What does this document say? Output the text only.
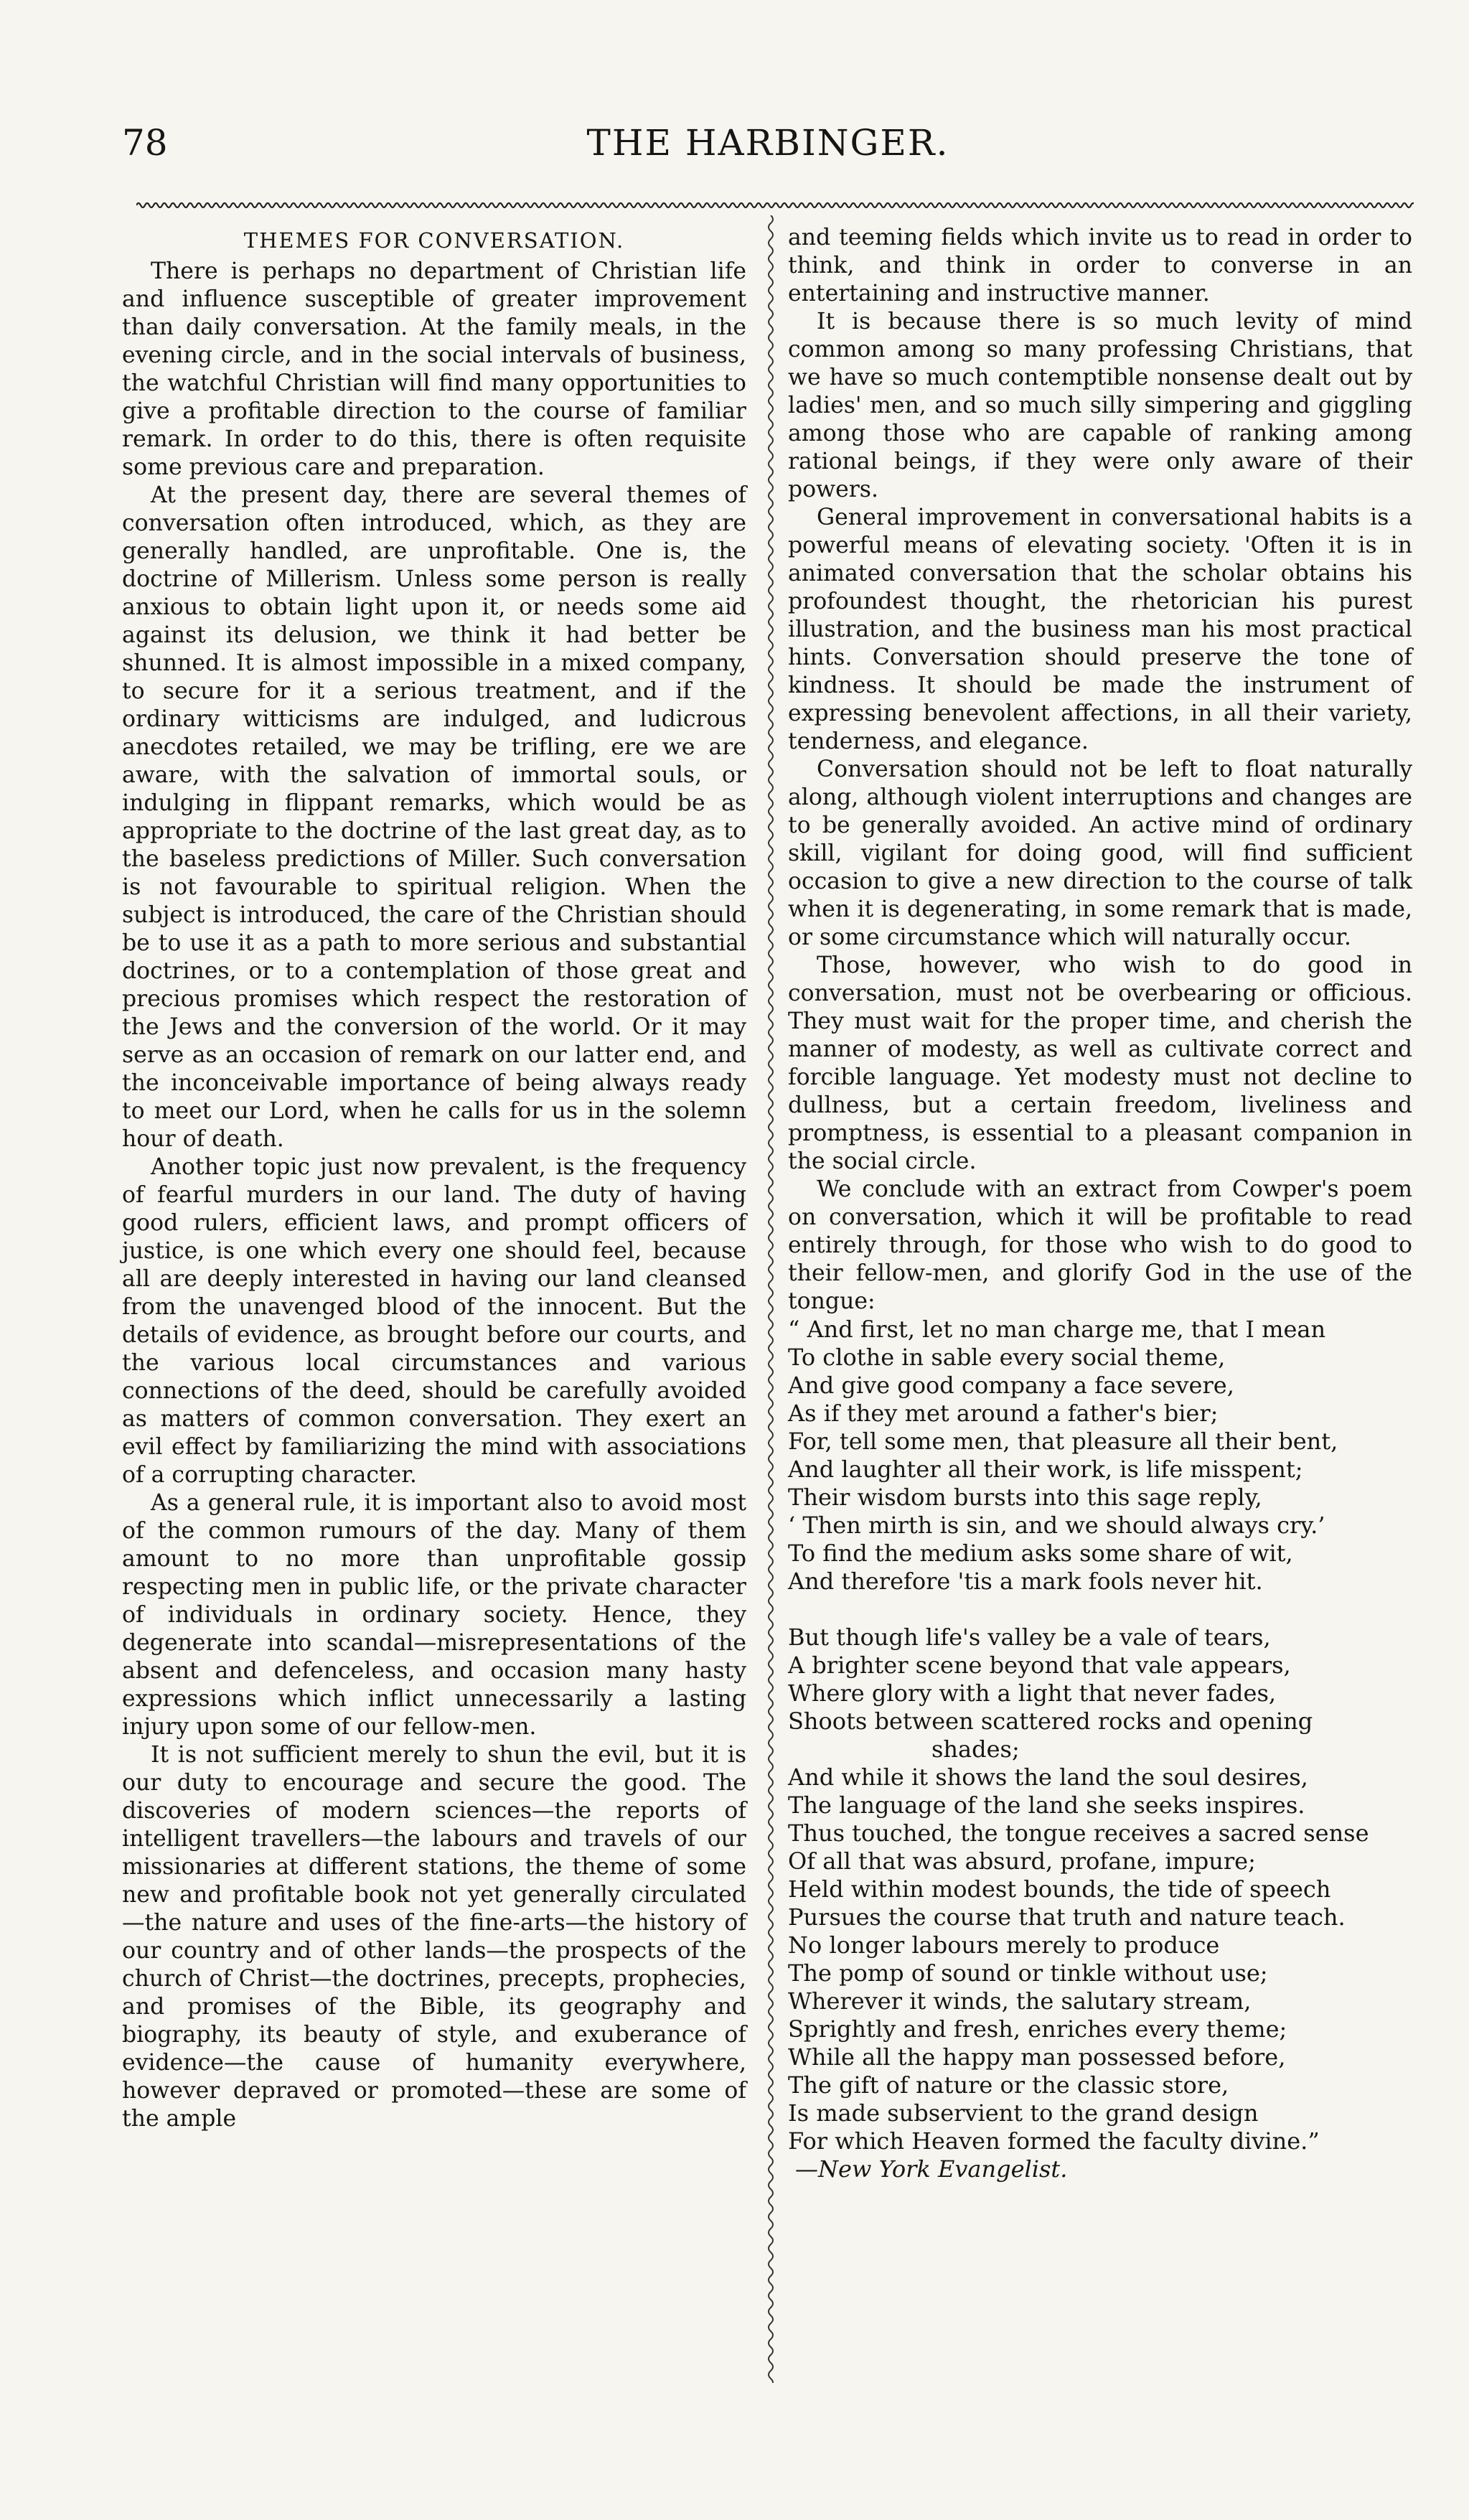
78	THE HARBINGER.
THEMES FOR CONVERSATION.

There is perhaps no department of Christian life and influence susceptible of greater improvement than daily conversation. At the family meals, in the evening circle, and in the social intervals of business, the watchful Christian will find many opportunities to give a profitable direction to the course of familiar remark. In order to do this, there is often requisite some previous care and preparation.

At the present day, there are several themes of conversation often introduced, which, as they are generally handled, are unprofitable. One is, the doctrine of Millerism. Unless some person is really anxious to obtain light upon it, or needs some aid against its delusion, we think it had better be shunned. It is almost impossible in a mixed company, to secure for it a serious treatment, and if the ordinary witticisms are indulged, and ludicrous anecdotes retailed, we may be trifling, ere we are aware, with the salvation of immortal souls, or indulging in flippant remarks, which would be as appropriate to the doctrine of the last great day, as to the baseless predictions of Miller. Such conversation is not favourable to spiritual religion. When the subject is introduced, the care of the Christian should be to use it as a path to more serious and substantial doctrines, or to a contemplation of those great and precious promises which respect the restoration of the Jews and the conversion of the world. Or it may serve as an occasion of remark on our latter end, and the inconceivable importance of being always ready to meet our Lord, when he calls for us in the solemn hour of death.

Another topic just now prevalent, is the frequency of fearful murders in our land. The duty of having good rulers, efficient laws, and prompt officers of justice, is one which every one should feel, because all are deeply interested in having our land cleansed from the unavenged blood of the innocent. But the details of evidence, as brought before our courts, and the various local circumstances and various connections of the deed, should be carefully avoided as matters of common conversation. They exert an evil effect by familiarizing the mind with associations of a corrupting character.

As a general rule, it is important also to avoid most of the common rumours of the day. Many of them amount to no more than unprofitable gossip respecting men in public life, or the private character of individuals in ordinary society. Hence, they degenerate into scandal—misrepresentations of the absent and defenceless, and occasion many hasty expressions which inflict unnecessarily a lasting injury upon some of our fellow-men.

It is not sufficient merely to shun the evil, but it is our duty to encourage and secure the good. The discoveries of modern sciences—the reports of intelligent travellers—the labours and travels of our missionaries at different stations, the theme of some new and profitable book not yet generally circulated—the nature and uses of the fine-arts—the history of our country and of other lands—the prospects of the church of Christ—the doctrines, precepts, prophecies, and promises of the Bible, its geography and biography, its beauty of style, and exuberance of evidence—the cause of humanity everywhere, however depraved or promoted—these are some of the ample

and teeming fields which invite us to read in order to think, and think in order to converse in an entertaining and instructive manner.

It is because there is so much levity of mind common among so many professing Christians, that we have so much contemptible nonsense dealt out by ladies' men, and so much silly simpering and giggling among those who are capable of ranking among rational beings, if they were only aware of their powers.

General improvement in conversational habits is a powerful means of elevating society. 'Often it is in animated conversation that the scholar obtains his profoundest thought, the rhetorician his purest illustration, and the business man his most practical hints. Conversation should preserve the tone of kindness. It should be made the instrument of expressing benevolent affections, in all their variety, tenderness, and elegance.

Conversation should not be left to float naturally along, although violent interruptions and changes are to be generally avoided. An active mind of ordinary skill, vigilant for doing good, will find sufficient occasion to give a new direction to the course of talk when it is degenerating, in some remark that is made, or some circumstance which will naturally occur.

Those, however, who wish to do good in conversation, must not be overbearing or officious. They must wait for the proper time, and cherish the manner of modesty, as well as cultivate correct and forcible language. Yet modesty must not decline to dullness, but a certain freedom, liveliness and promptness, is essential to a pleasant companion in the social circle.

We conclude with an extract from Cowper's poem on conversation, which it will be profitable to read entirely through, for those who wish to do good to their fellow-men, and glorify God in the use of the tongue:

“ And first, let no man charge me, that I mean
To clothe in sable every social theme,
And give good company a face severe,
As if they met around a father's bier;
For, tell some men, that pleasure all their bent,
And laughter all their work, is life misspent;
Their wisdom bursts into this sage reply,
‘ Then mirth is sin, and we should always cry.’
To find the medium asks some share of wit,
And therefore 'tis a mark fools never hit.
But though life's valley be a vale of tears,
A brighter scene beyond that vale appears,
Where glory with a light that never fades,
Shoots between scattered rocks and opening
shades;
And while it shows the land the soul desires,
The language of the land she seeks inspires.
Thus touched, the tongue receives a sacred sense
Of all that was absurd, profane, impure;
Held within modest bounds, the tide of speech
Pursues the course that truth and nature teach.
No longer labours merely to produce
The pomp of sound or tinkle without use;
Wherever it winds, the salutary stream,
Sprightly and fresh, enriches every theme;
While all the happy man possessed before,
The gift of nature or the classic store,
Is made subservient to the grand design
For which Heaven formed the faculty divine.”
—New York Evangelist.
